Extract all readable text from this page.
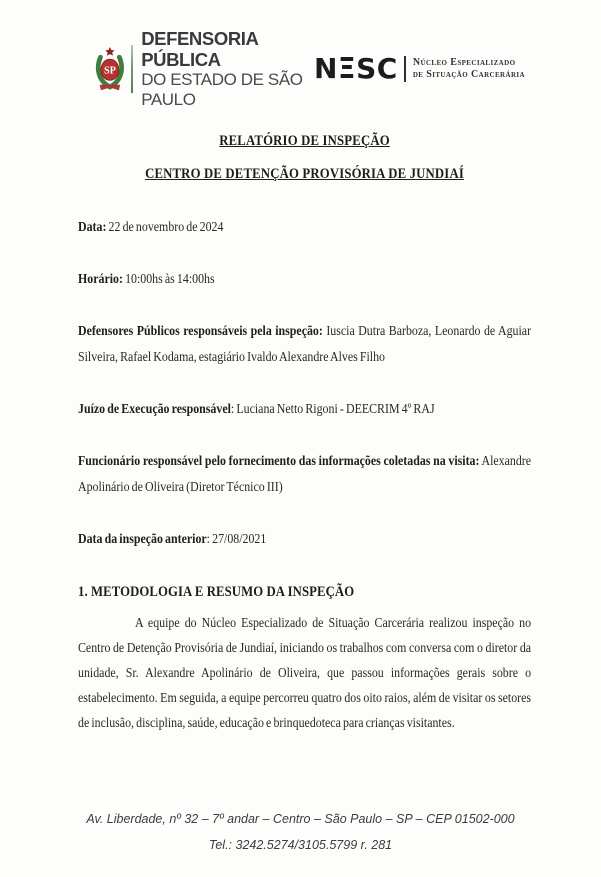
SP
DEFENSORIA PÚBLICA
DO ESTADO DE SÃO PAULO
NΞSC Núcleo Especializado
de Situação Carcerária
RELATÓRIO DE INSPEÇÃO
CENTRO DE DETENÇÃO PROVISÓRIA DE JUNDIAÍ

Data: 22 de novembro de 2024

Horário: 10:00hs às 14:00hs

Defensores Públicos responsáveis pela inspeção: Iuscia Dutra Barboza, Leonardo de Aguiar Silveira, Rafael Kodama, estagiário Ivaldo Alexandre Alves Filho

Juízo de Execução responsável: Luciana Netto Rigoni - DEECRIM 4º RAJ

Funcionário responsável pelo fornecimento das informações coletadas na visita: Alexandre Apolinário de Oliveira (Diretor Técnico III)

Data da inspeção anterior: 27/08/2021

1. METODOLOGIA E RESUMO DA INSPEÇÃO

A equipe do Núcleo Especializado de Situação Carcerária realizou inspeção no Centro de Detenção Provisória de Jundiaí, iniciando os trabalhos com conversa com o diretor da unidade, Sr. Alexandre Apolinário de Oliveira, que passou informações gerais sobre o estabelecimento. Em seguida, a equipe percorreu quatro dos oito raios, além de visitar os setores de inclusão, disciplina, saúde, educação e brinquedoteca para crianças visitantes.

Av. Liberdade, nº 32 – 7º andar – Centro – São Paulo – SP – CEP 01502-000
Tel.: 3242.5274/3105.5799 r. 281
